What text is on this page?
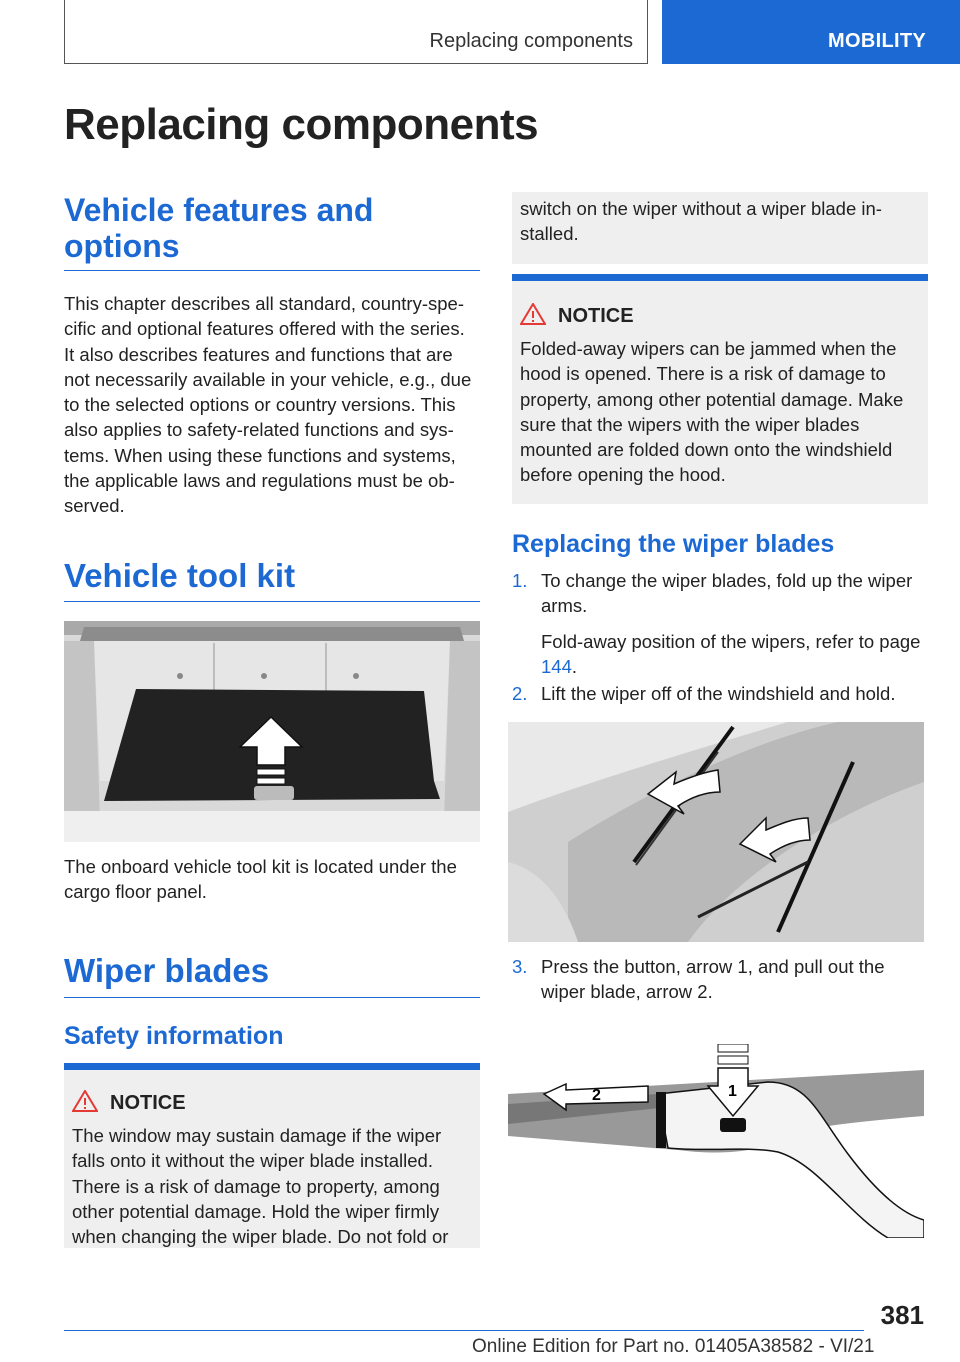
Replacing components	MOBILITY
Replacing components
Vehicle features and
options

This chapter describes all standard, country-spe-​cific and optional features offered with the series. It also describes features and functions that are not necessarily available in your vehicle, e.g., due to the selected options or country versions. This also applies to safety-related functions and sys-​tems. When using these functions and systems, the applicable laws and regulations must be ob-​served.

Vehicle tool kit

The onboard vehicle tool kit is located under the cargo floor panel.

Wiper blades
Safety information
NOTICE

The window may sustain damage if the wiper falls onto it without the wiper blade installed. There is a risk of damage to property, among other potential damage. Hold the wiper firmly when changing the wiper blade. Do not fold or

switch on the wiper without a wiper blade in-​stalled.

NOTICE

Folded-away wipers can be jammed when the hood is opened. There is a risk of damage to property, among other potential damage. Make sure that the wipers with the wiper blades mounted are folded down onto the windshield before opening the hood.

Replacing the wiper blades
1. To change the wiper blades, fold up the wiper arms.
Fold-away position of the wipers, refer to page 144.
2. Lift the wiper off of the windshield and hold.
3. Press the button, arrow 1, and pull out the wiper blade, arrow 2.
2	1
381
Online Edition for Part no. 01405A38582 - VI/21
